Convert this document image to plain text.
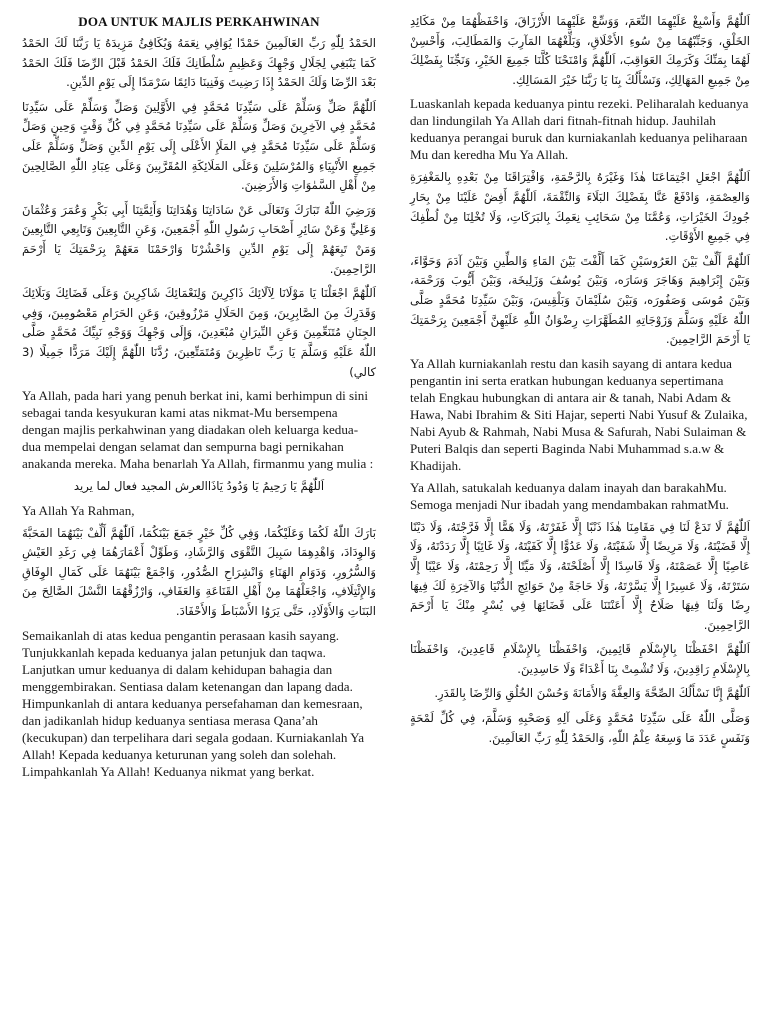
DOA UNTUK MAJLIS PERKAHWINAN

الحَمْدُ لِلّٰهِ رَبِّ العَالَمِينَ حَمْدًا يُوَافِي نِعَمَهُ وَيُكَافِئُ مَزِيدَهُ يَا رَبَّنَا لَكَ الحَمْدُ كَمَا يَنْبَغِي لِجَلَالِ وَجْهِكَ وَعَظِيمِ سُلْطَانِكَ فَلَكَ الحَمْدُ قَبْلَ الرِّضَا فَلَكَ الحَمْدُ بَعْدَ الرِّضَا وَلَكَ الحَمْدُ إِذَا رَضِيتَ وَفَنِينَا دَائِمًا سَرْمَدًا إِلَى يَوْمِ الدِّينِ.

اَللّٰهُمَّ صَلِّ وَسَلِّمْ عَلَى سَيِّدِنَا مُحَمَّدٍ فِي الأَوَّلِينَ وَصَلِّ وَسَلِّمْ عَلَى سَيِّدِنَا مُحَمَّدٍ فِي الآخِرِينَ وَصَلِّ وَسَلِّمْ عَلَى سَيِّدِنَا مُحَمَّدٍ فِي كُلِّ وَقْتٍ وَحِينٍ وَصَلِّ وَسَلِّمْ عَلَى سَيِّدِنَا مُحَمَّدٍ فِي المَلَإِ الأَعْلَى إِلَى يَوْمِ الدِّينِ وَصَلِّ وَسَلِّمْ عَلَى جَمِيعِ الأَنْبِيَاءِ وَالمُرْسَلِينَ وَعَلَى المَلَائِكَةِ المُقَرَّبِينَ وَعَلَى عِبَادِ اللّٰهِ الصَّالِحِينَ مِنْ أَهْلِ السَّمٰوَاتِ وَالأَرَضِينَ.

وَرَضِيَ اللّٰهُ تَبَارَكَ وَتَعَالَى عَنْ سَادَاتِنَا وَهُدَاتِنَا وَأَئِمَّتِنَا أَبِي بَكْرٍ وَعُمَرَ وَعُثْمَانَ وَعَلِيٍّ وَعَنْ سَائِرِ أَصْحَابِ رَسُولِ اللّٰهِ أَجْمَعِينَ، وَعَنِ التَّابِعِينَ وَتَابِعِي التَّابِعِينَ وَمَنْ تَبِعَهُمْ إِلَى يَوْمِ الدِّينِ وَاحْشُرْنَا وَارْحَمْنَا مَعَهُمْ بِرَحْمَتِكَ يَا أَرْحَمَ الرَّاحِمِينَ.

اَللّٰهُمَّ اجْعَلْنَا يَا مَوْلَانَا لِآلَائِكَ ذَاكِرِينَ وَلِنَعْمَائِكَ شَاكِرِينَ وَعَلَى قَضَائِكَ وَبَلَائِكَ وَقَدَرِكَ مِنَ الصَّابِرِينَ، وَمِنَ الحَلَالِ مَرْزُوقِينَ، وَعَنِ الحَرَامِ مَعْصُومِينَ، وَفِي الجِنَانِ مُتَنَعِّمِينَ وَعَنِ النِّيرَانِ مُبْعَدِينَ، وَإِلَى وَجْهِكَ وَوَجْهِ نَبِيِّكَ مُحَمَّدٍ صَلَّى اللّٰهُ عَلَيْهِ وَسَلَّمَ يَا رَبِّ نَاظِرِينَ وَمُتَمَتِّعِينَ، رُدَّنَا اللّٰهُمَّ إِلَيْكَ مَرَدًّا جَمِيلًا (3 كالي)

Ya Allah, pada hari yang penuh berkat ini, kami berhimpun di sini sebagai tanda kesyukuran kami atas nikmat-Mu bersempena dengan majlis perkahwinan yang diadakan oleh keluarga kedua-dua mempelai dengan selamat dan sempurna bagi pernikahan anakanda mereka. Maha benarlah Ya Allah, firmanmu yang mulia :

اَللّٰهُمَّ يَا رَحِيمُ يَا وَدُودُ يَاذَاالعرش المجيد فعال لما يريد

Ya Allah Ya Rahman,

بَارَكَ اللّٰهُ لَكُمَا وَعَلَيْكُمَا، وَفِي كُلِّ خَيْرٍ جَمَعَ بَيْنَكُمَا، اَللّٰهُمَّ أَلِّفْ بَيْنَهُمَا المَحَبَّةَ وَالوِدَادَ، وَاهْدِهِمَا سَبِيلَ التَّقْوَى وَالرَّشَادِ، وَطَوِّلْ أَعْمَارَهُمَا فِي رَغَدِ العَيْشِ وَالسُّرُورِ، وَدَوَامِ الهَنَاءِ وَانْشِرَاحِ الصُّدُورِ، وَاجْمَعْ بَيْنَهُمَا عَلَى كَمَالِ الوِفَاقِ وَالإِئْتِلَافِ، وَاجْعَلْهُمَا مِنْ أَهْلِ القَنَاعَةِ وَالعَفَافِ، وَارْزُقْهُمَا النَّسْلَ الصَّالِحَ مِنَ البَنَاتِ وَالأَوْلَادِ، حَتَّى يَرَوُا الأَسْبَاطَ وَالأَحْفَادَ.

Semaikanlah di atas kedua pengantin perasaan kasih sayang. Tunjukkanlah kepada keduanya jalan petunjuk dan taqwa. Lanjutkan umur keduanya di dalam kehidupan bahagia dan menggembirakan. Sentiasa dalam ketenangan dan lapang dada. Himpunkanlah di antara keduanya persefahaman dan kemesraan, dan jadikanlah hidup keduanya sentiasa merasa Qana’ah (kecukupan) dan terpelihara dari segala godaan. Kurniakanlah Ya Allah! Kepada keduanya keturunan yang soleh dan solehah. Limpahkanlah Ya Allah! Keduanya nikmat yang berkat.

اَللّٰهُمَّ وَأَسْبِغْ عَلَيْهِمَا النِّعَمَ، وَوَسِّعْ عَلَيْهِمَا الأَرْزَاقَ، وَاحْفَظْهُمَا مِنْ مَكَائِدِ الخَلْقِ، وَجَنِّبْهُمَا مِنْ سُوءِ الأَخْلَاقِ، وَبَلِّغْهُمَا المَآرِبَ وَالمَطَالِبَ، وَأَحْسِنْ لَهُمَا بِمَنِّكَ وَكَرَمِكَ العَوَاقِبَ، اَللّٰهُمَّ وَامْنَحْنَا كُلَّنَا جَمِيعَ الخَيْرِ، وَنَجِّنَا بِفَضْلِكَ مِنْ جَمِيعِ المَهَالِكِ، وَنَسْأَلُكَ بِنَا يَا رَبَّنَا خَيْرَ المَسَالِكِ.

Luaskanlah kepada keduanya pintu rezeki. Peliharalah keduanya dan lindungilah Ya Allah dari fitnah-fitnah hidup. Jauhilah keduanya perangai buruk dan kurniakanlah keduanya peliharaan Mu dan keredha Mu Ya Allah.

اَللّٰهُمَّ اجْعَلِ اجْتِمَاعَنَا هٰذَا وَغَيْرَهُ بِالرَّحْمَةِ، وَافْتِرَاقَنَا مِنْ بَعْدِهِ بِالمَغْفِرَةِ وَالعِصْمَةِ، وَادْفَعْ عَنَّا بِفَضْلِكَ البَلَاءَ وَالنِّقْمَةَ، اَللّٰهُمَّ أَفِضْ عَلَيْنَا مِنْ بِحَارِ جُودِكَ الخَيْرَاتِ، وَعُمَّنَا مِنْ سَحَائِبِ نِعَمِكَ بِالبَرَكَاتِ، وَلَا تُخْلِنَا مِنْ لُطْفِكَ فِي جَمِيعِ الأَوْقَاتِ.

اَللّٰهُمَّ أَلِّفْ بَيْنَ العَرُوسَيْنِ كَمَا أَلَّفْتَ بَيْنَ المَاءِ وَالطِّينِ وَبَيْنَ آدَمَ وَحَوَّاءَ، وَبَيْنَ إِبْرَاهِيمَ وَهَاجَرَ وَسَارَه، وَبَيْنَ يُوسُفَ وَزَلِيخَة، وَبَيْنَ أَيُّوبَ وَرَحْمَة، وَبَيْنَ مُوسَى وَصَفُورَه، وَبَيْنَ سُلَيْمَانَ وَبَلْقِيسَ، وَبَيْنَ سَيِّدِنَا مُحَمَّدٍ صَلَّى اللّٰهُ عَلَيْهِ وَسَلَّمَ وَزَوْجَاتِهِ المُطَهَّرَاتِ رِضْوَانُ اللّٰهِ عَلَيْهِنَّ أَجْمَعِينَ بِرَحْمَتِكَ يَا أَرْحَمَ الرَّاحِمِينَ.

Ya Allah kurniakanlah restu dan kasih sayang di antara kedua pengantin ini serta eratkan hubungan keduanya sepertimana telah Engkau hubungkan di antara air & tanah, Nabi Adam & Hawa, Nabi Ibrahim & Siti Hajar, seperti Nabi Yusuf & Zulaika, Nabi Ayub & Rahmah, Nabi Musa & Safurah, Nabi Sulaiman & Puteri Balqis dan seperti Baginda Nabi Muhammad s.a.w & Khadijah.

Ya Allah, satukalah keduanya dalam inayah dan barakahMu. Semoga menjadi Nur ibadah yang mendambakan rahmatMu.

اَللّٰهُمَّ لَا تَدَعْ لَنَا فِي مَقَامِنَا هٰذَا ذَنْبًا إِلَّا غَفَرْتَهُ، وَلَا هَمًّا إِلَّا فَرَّجْتَهُ، وَلَا دَيْنًا إِلَّا قَضَيْتَهُ، وَلَا مَرِيضًا إِلَّا شَفَيْتَهُ، وَلَا عَدُوًّا إِلَّا كَفَيْتَهُ، وَلَا غَائِبًا إِلَّا رَدَدْتَهُ، وَلَا عَاصِيًا إِلَّا عَصَمْتَهُ، وَلَا فَاسِدًا إِلَّا أَصْلَحْتَهُ، وَلَا مَيِّتًا إِلَّا رَحِمْتَهُ، وَلَا عَيْبًا إِلَّا سَتَرْتَهُ، وَلَا عَسِيرًا إِلَّا يَسَّرْتَهُ، وَلَا حَاجَةً مِنْ حَوَائِجِ الدُّنْيَا وَالآخِرَةِ لَكَ فِيهَا رِضًا وَلَنَا فِيهَا صَلَاحٌ إِلَّا أَعَنْتَنَا عَلَى قَضَائِهَا فِي يُسْرٍ مِنْكَ يَا أَرْحَمَ الرَّاحِمِينَ.

اَللّٰهُمَّ احْفَظْنَا بِالإِسْلَامِ قَائِمِينَ، وَاحْفَظْنَا بِالإِسْلَامِ قَاعِدِينَ، وَاحْفَظْنَا بِالإِسْلَامِ رَاقِدِينَ، وَلَا تُشْمِتْ بِنَا أَعْدَاءً وَلَا حَاسِدِينَ.

اَللّٰهُمَّ إِنَّا نَسْأَلُكَ الصِّحَّةَ وَالعِفَّةَ وَالأَمَانَةَ وَحُسْنَ الخُلُقِ وَالرِّضَا بِالقَدَرِ.

وَصَلَّى اللّٰهُ عَلَى سَيِّدِنَا مُحَمَّدٍ وَعَلَى آلِهِ وَصَحْبِهِ وَسَلَّمَ، فِي كُلِّ لَمْحَةٍ وَنَفَسٍ عَدَدَ مَا وَسِعَهُ عِلْمُ اللّٰهِ، وَالحَمْدُ لِلّٰهِ رَبِّ العَالَمِينَ.
